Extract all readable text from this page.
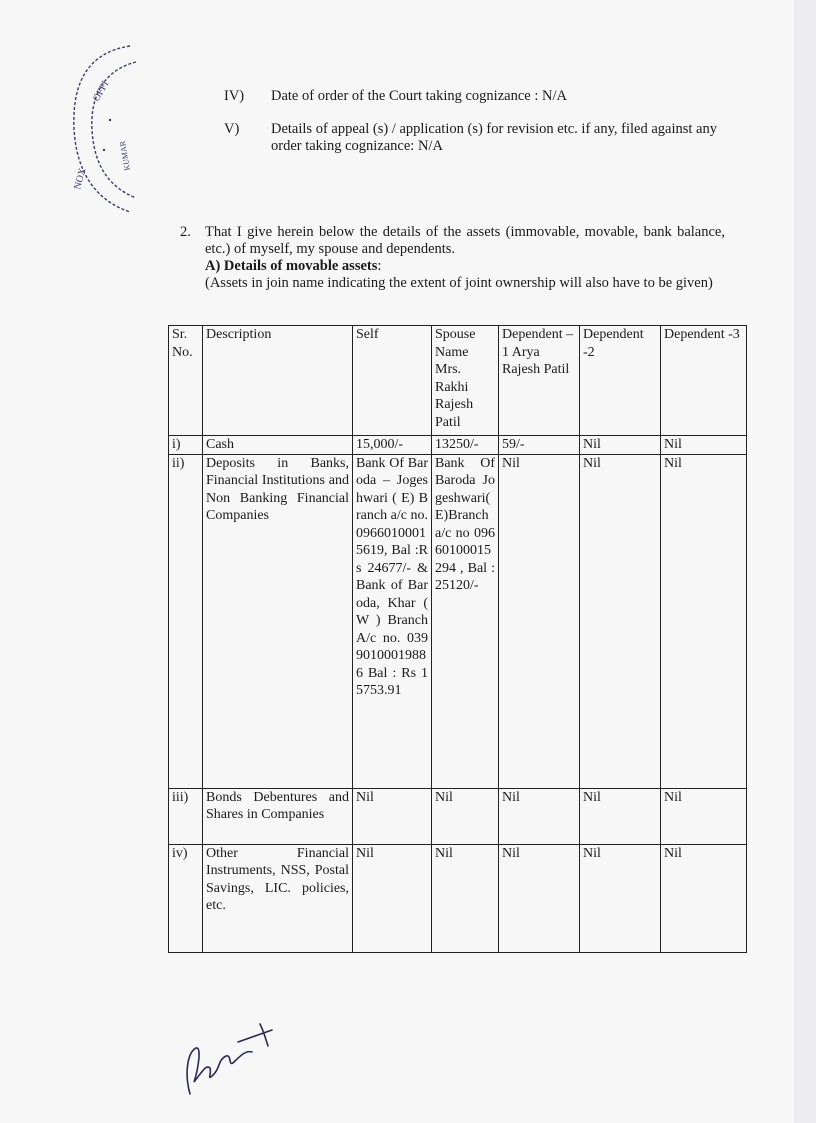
OFFI
NOX
KUMAR
IV) Date of order of the Court taking cognizance : N/A
V) Details of appeal (s) / application (s) for revision etc. if any, filed against any order taking cognizance: N/A
2. That I give herein below the details of the assets (immovable, movable, bank balance, etc.) of myself, my spouse and dependents.
A) Details of movable assets:
(Assets in join name indicating the extent of joint ownership will also have to be given)
Sr. No.	Description	Self	Spouse Name Mrs. Rakhi Rajesh Patil	Dependent – 1 Arya Rajesh Patil	Dependent -2	Dependent -3
i)	Cash	15,000/-	13250/-	59/-	Nil	Nil
ii)	Deposits in Banks, Financial Institutions and Non Banking Financial Companies	Bank Of Baroda – Jogeshwari ( E) Branch a/c no. 09660100015619, Bal :Rs 24677/- & Bank of Baroda, Khar ( W ) Branch A/c no. 03990100019886 Bal : Rs 15753.91	Bank Of Baroda Jogeshwari( E)Branch a/c no 09660100015294 , Bal : 25120/-	Nil	Nil	Nil
iii)	Bonds Debentures and Shares in Companies	Nil	Nil	Nil	Nil	Nil
iv)	Other Financial Instruments, NSS, Postal Savings, LIC. policies, etc.	Nil	Nil	Nil	Nil	Nil
